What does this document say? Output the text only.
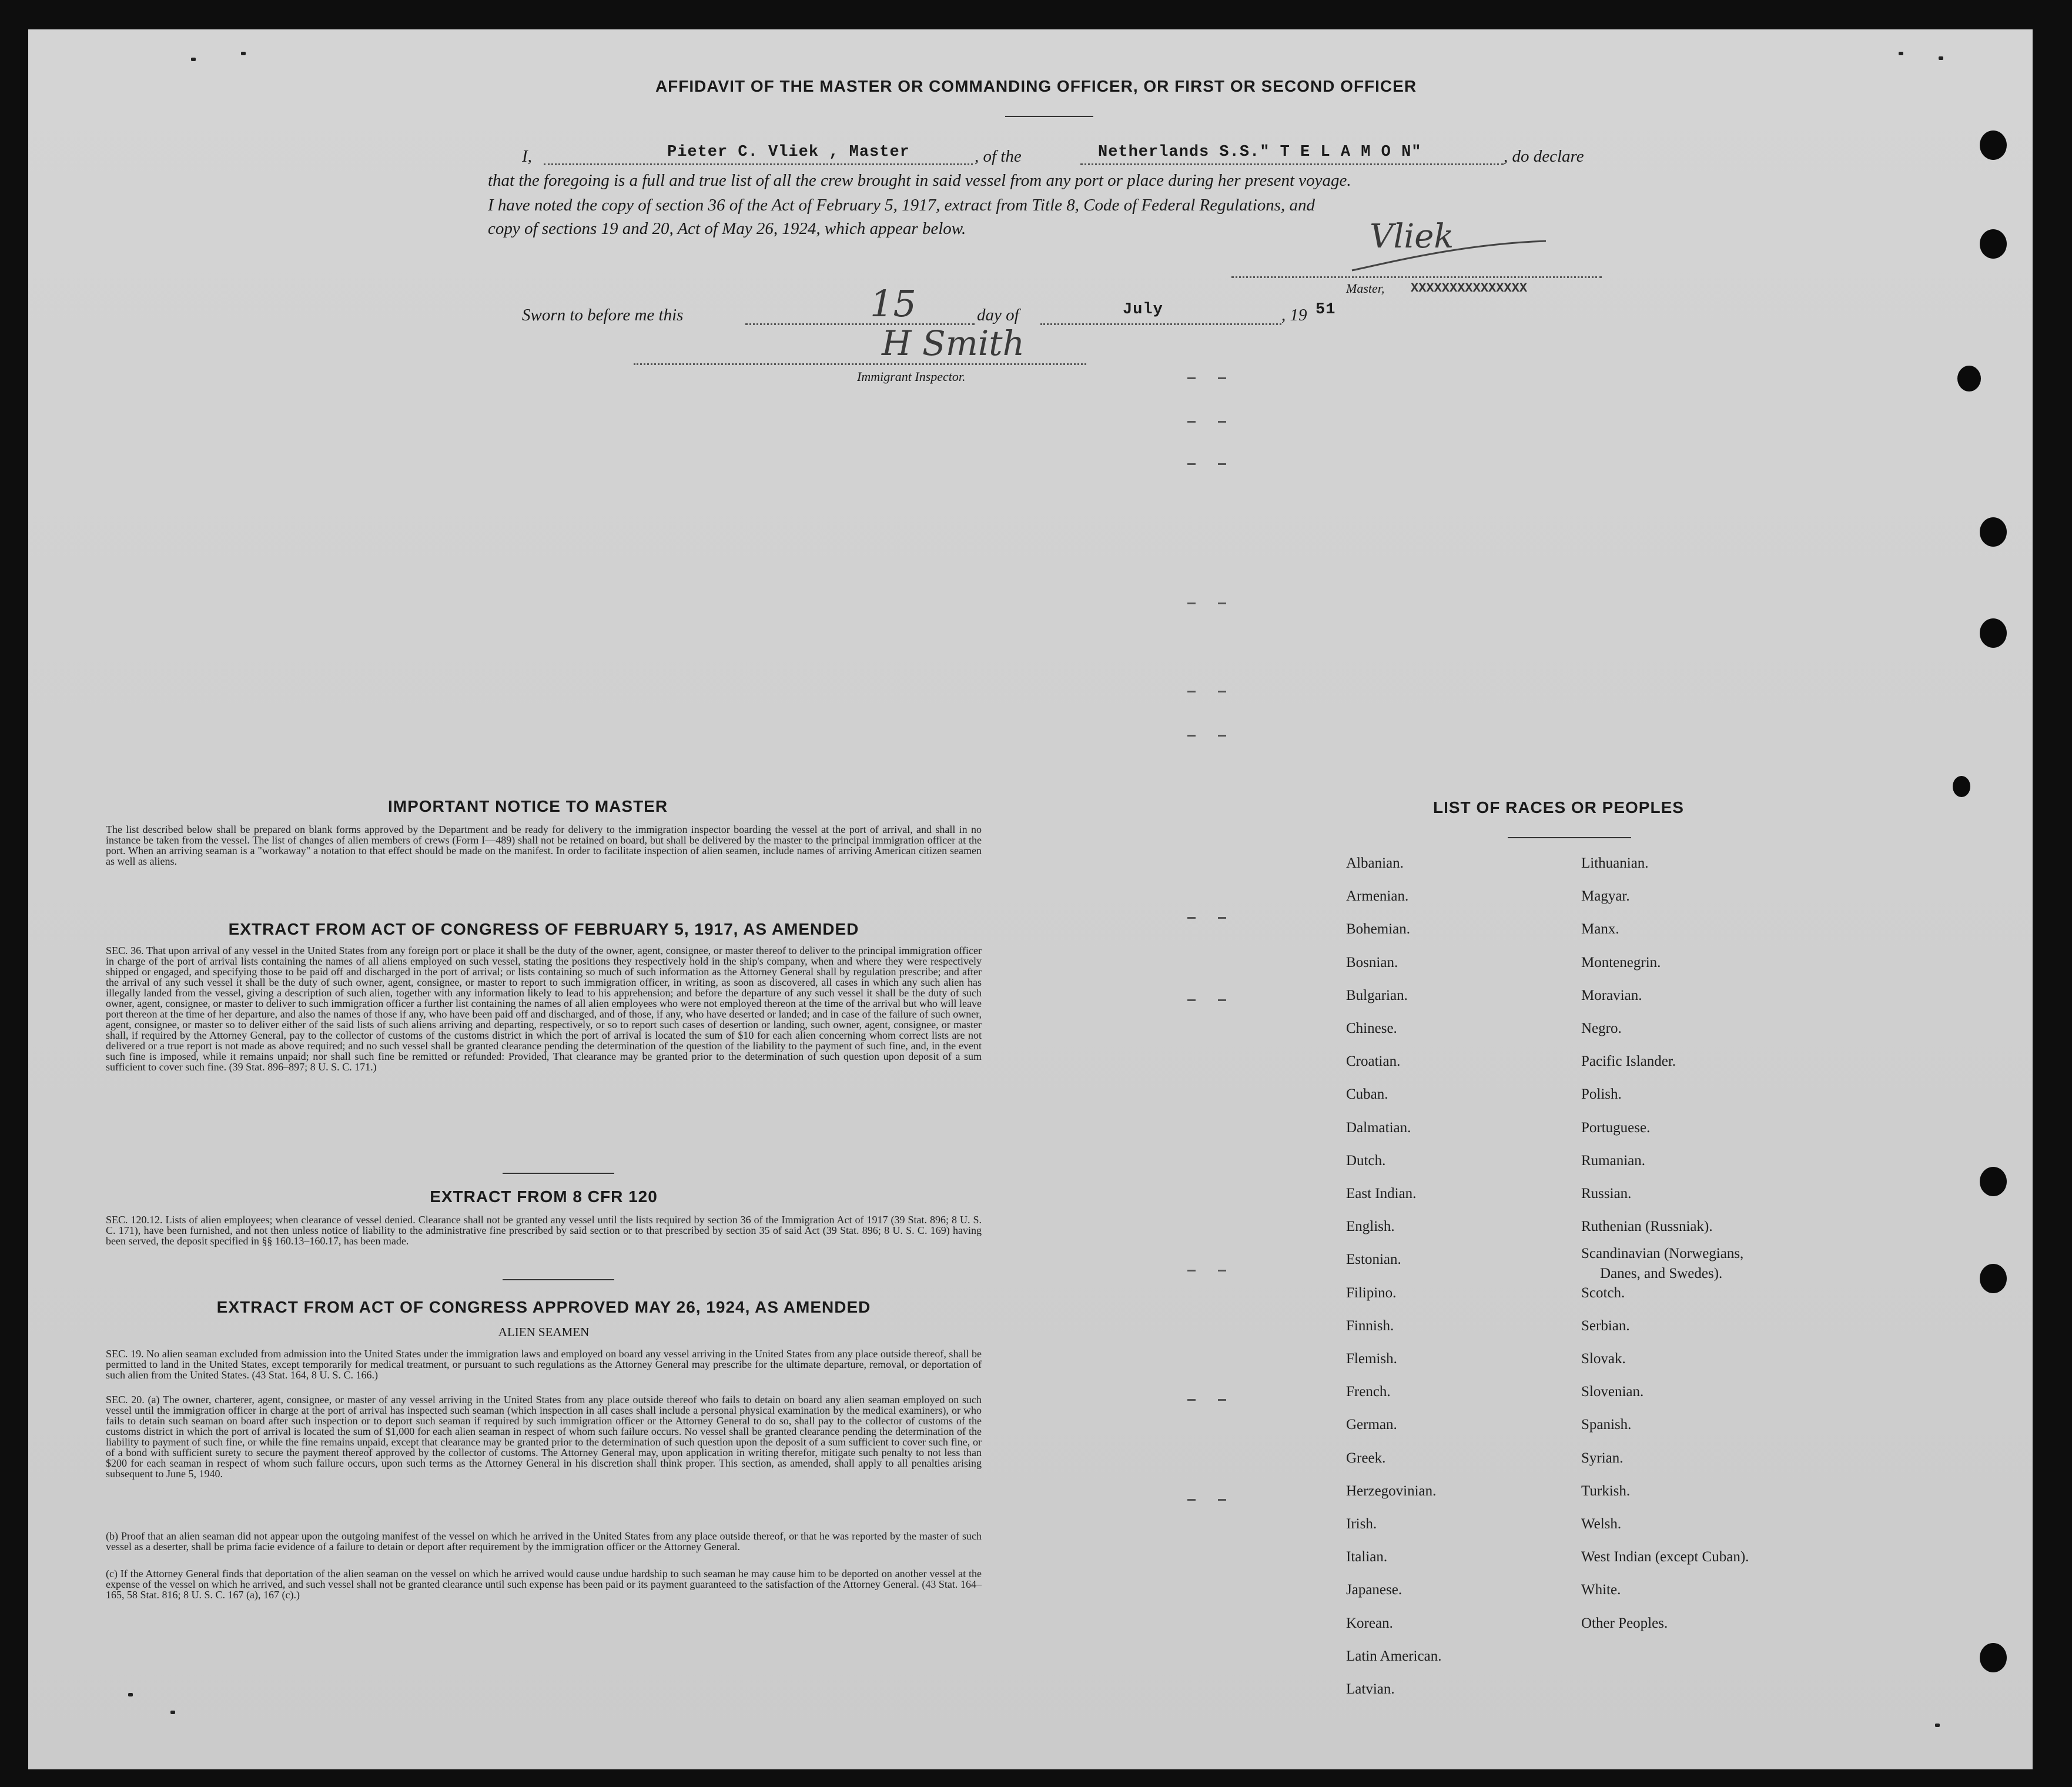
AFFIDAVIT OF THE MASTER OR COMMANDING OFFICER, OR FIRST OR SECOND OFFICER
I,	Pieter C. Vliek , Master	, of the	Netherlands S.S." T E L A M O N"	, do declare
that the foregoing is a full and true list of all the crew brought in said vessel from any port or place during her present voyage.
I have noted the copy of section 36 of the Act of February 5, 1917, extract from Title 8, Code of Federal Regulations, and
copy of sections 19 and 20, Act of May 26, 1924, which appear below.	Vliek
Master, XXXXXXXXXXXXXXX
Sworn to before me this	15	day of	July	, 19 51
H Smith
Immigrant Inspector.
IMPORTANT NOTICE TO MASTER
The list described below shall be prepared on blank forms approved by the Department and be ready for delivery to the immigration inspector boarding the vessel at the port of arrival, and shall in no instance be taken from the vessel. The list of changes of alien members of crews (Form I—489) shall not be retained on board, but shall be delivered by the master to the principal immigration officer at the port. When an arriving seaman is a "workaway" a notation to that effect should be made on the manifest. In order to facilitate inspection of alien seamen, include names of arriving American citizen seamen as well as aliens.
EXTRACT FROM ACT OF CONGRESS OF FEBRUARY 5, 1917, AS AMENDED
SEC. 36. That upon arrival of any vessel in the United States from any foreign port or place it shall be the duty of the owner, agent, consignee, or master thereof to deliver to the principal immigration officer in charge of the port of arrival lists containing the names of all aliens employed on such vessel, stating the positions they respectively hold in the ship's company, when and where they were respectively shipped or engaged, and specifying those to be paid off and discharged in the port of arrival; or lists containing so much of such information as the Attorney General shall by regulation prescribe; and after the arrival of any such vessel it shall be the duty of such owner, agent, consignee, or master to report to such immigration officer, in writing, as soon as discovered, all cases in which any such alien has illegally landed from the vessel, giving a description of such alien, together with any information likely to lead to his apprehension; and before the departure of any such vessel it shall be the duty of such owner, agent, consignee, or master to deliver to such immigration officer a further list containing the names of all alien employees who were not employed thereon at the time of the arrival but who will leave port thereon at the time of her departure, and also the names of those if any, who have been paid off and discharged, and of those, if any, who have deserted or landed; and in case of the failure of such owner, agent, consignee, or master so to deliver either of the said lists of such aliens arriving and departing, respectively, or so to report such cases of desertion or landing, such owner, agent, consignee, or master shall, if required by the Attorney General, pay to the collector of customs of the customs district in which the port of arrival is located the sum of $10 for each alien concerning whom correct lists are not delivered or a true report is not made as above required; and no such vessel shall be granted clearance pending the determination of the question of the liability to the payment of such fine, and, in the event such fine is imposed, while it remains unpaid; nor shall such fine be remitted or refunded: Provided, That clearance may be granted prior to the determination of such question upon deposit of a sum sufficient to cover such fine. (39 Stat. 896–897; 8 U. S. C. 171.)
EXTRACT FROM 8 CFR 120
SEC. 120.12. Lists of alien employees; when clearance of vessel denied. Clearance shall not be granted any vessel until the lists required by section 36 of the Immigration Act of 1917 (39 Stat. 896; 8 U. S. C. 171), have been furnished, and not then unless notice of liability to the administrative fine prescribed by said section or to that prescribed by section 35 of said Act (39 Stat. 896; 8 U. S. C. 169) having been served, the deposit specified in §§ 160.13–160.17, has been made.
EXTRACT FROM ACT OF CONGRESS APPROVED MAY 26, 1924, AS AMENDED
ALIEN SEAMEN
SEC. 19. No alien seaman excluded from admission into the United States under the immigration laws and employed on board any vessel arriving in the United States from any place outside thereof, shall be permitted to land in the United States, except temporarily for medical treatment, or pursuant to such regulations as the Attorney General may prescribe for the ultimate departure, removal, or deportation of such alien from the United States. (43 Stat. 164, 8 U. S. C. 166.)
SEC. 20. (a) The owner, charterer, agent, consignee, or master of any vessel arriving in the United States from any place outside thereof who fails to detain on board any alien seaman employed on such vessel until the immigration officer in charge at the port of arrival has inspected such seaman (which inspection in all cases shall include a personal physical examination by the medical examiners), or who fails to detain such seaman on board after such inspection or to deport such seaman if required by such immigration officer or the Attorney General to do so, shall pay to the collector of customs of the customs district in which the port of arrival is located the sum of $1,000 for each alien seaman in respect of whom such failure occurs. No vessel shall be granted clearance pending the determination of the liability to payment of such fine, or while the fine remains unpaid, except that clearance may be granted prior to the determination of such question upon the deposit of a sum sufficient to cover such fine, or of a bond with sufficient surety to secure the payment thereof approved by the collector of customs. The Attorney General may, upon application in writing therefor, mitigate such penalty to not less than $200 for each seaman in respect of whom such failure occurs, upon such terms as the Attorney General in his discretion shall think proper. This section, as amended, shall apply to all penalties arising subsequent to June 5, 1940.
(b) Proof that an alien seaman did not appear upon the outgoing manifest of the vessel on which he arrived in the United States from any place outside thereof, or that he was reported by the master of such vessel as a deserter, shall be prima facie evidence of a failure to detain or deport after requirement by the immigration officer or the Attorney General.
(c) If the Attorney General finds that deportation of the alien seaman on the vessel on which he arrived would cause undue hardship to such seaman he may cause him to be deported on another vessel at the expense of the vessel on which he arrived, and such vessel shall not be granted clearance until such expense has been paid or its payment guaranteed to the satisfaction of the Attorney General. (43 Stat. 164–165, 58 Stat. 816; 8 U. S. C. 167 (a), 167 (c).)
LIST OF RACES OR PEOPLES
Albanian.
Armenian.
Bohemian.
Bosnian.
Bulgarian.
Chinese.
Croatian.
Cuban.
Dalmatian.
Dutch.
East Indian.
English.
Estonian.
Filipino.
Finnish.
Flemish.
French.
German.
Greek.
Herzegovinian.
Irish.
Italian.
Japanese.
Korean.
Latin American.
Latvian.
Lithuanian.
Magyar.
Manx.
Montenegrin.
Moravian.
Negro.
Pacific Islander.
Polish.
Portuguese.
Rumanian.
Russian.
Ruthenian (Russniak).
Scandinavian (Norwegians,
Danes, and Swedes).
Scotch.
Serbian.
Slovak.
Slovenian.
Spanish.
Syrian.
Turkish.
Welsh.
West Indian (except Cuban).
White.
Other Peoples.
